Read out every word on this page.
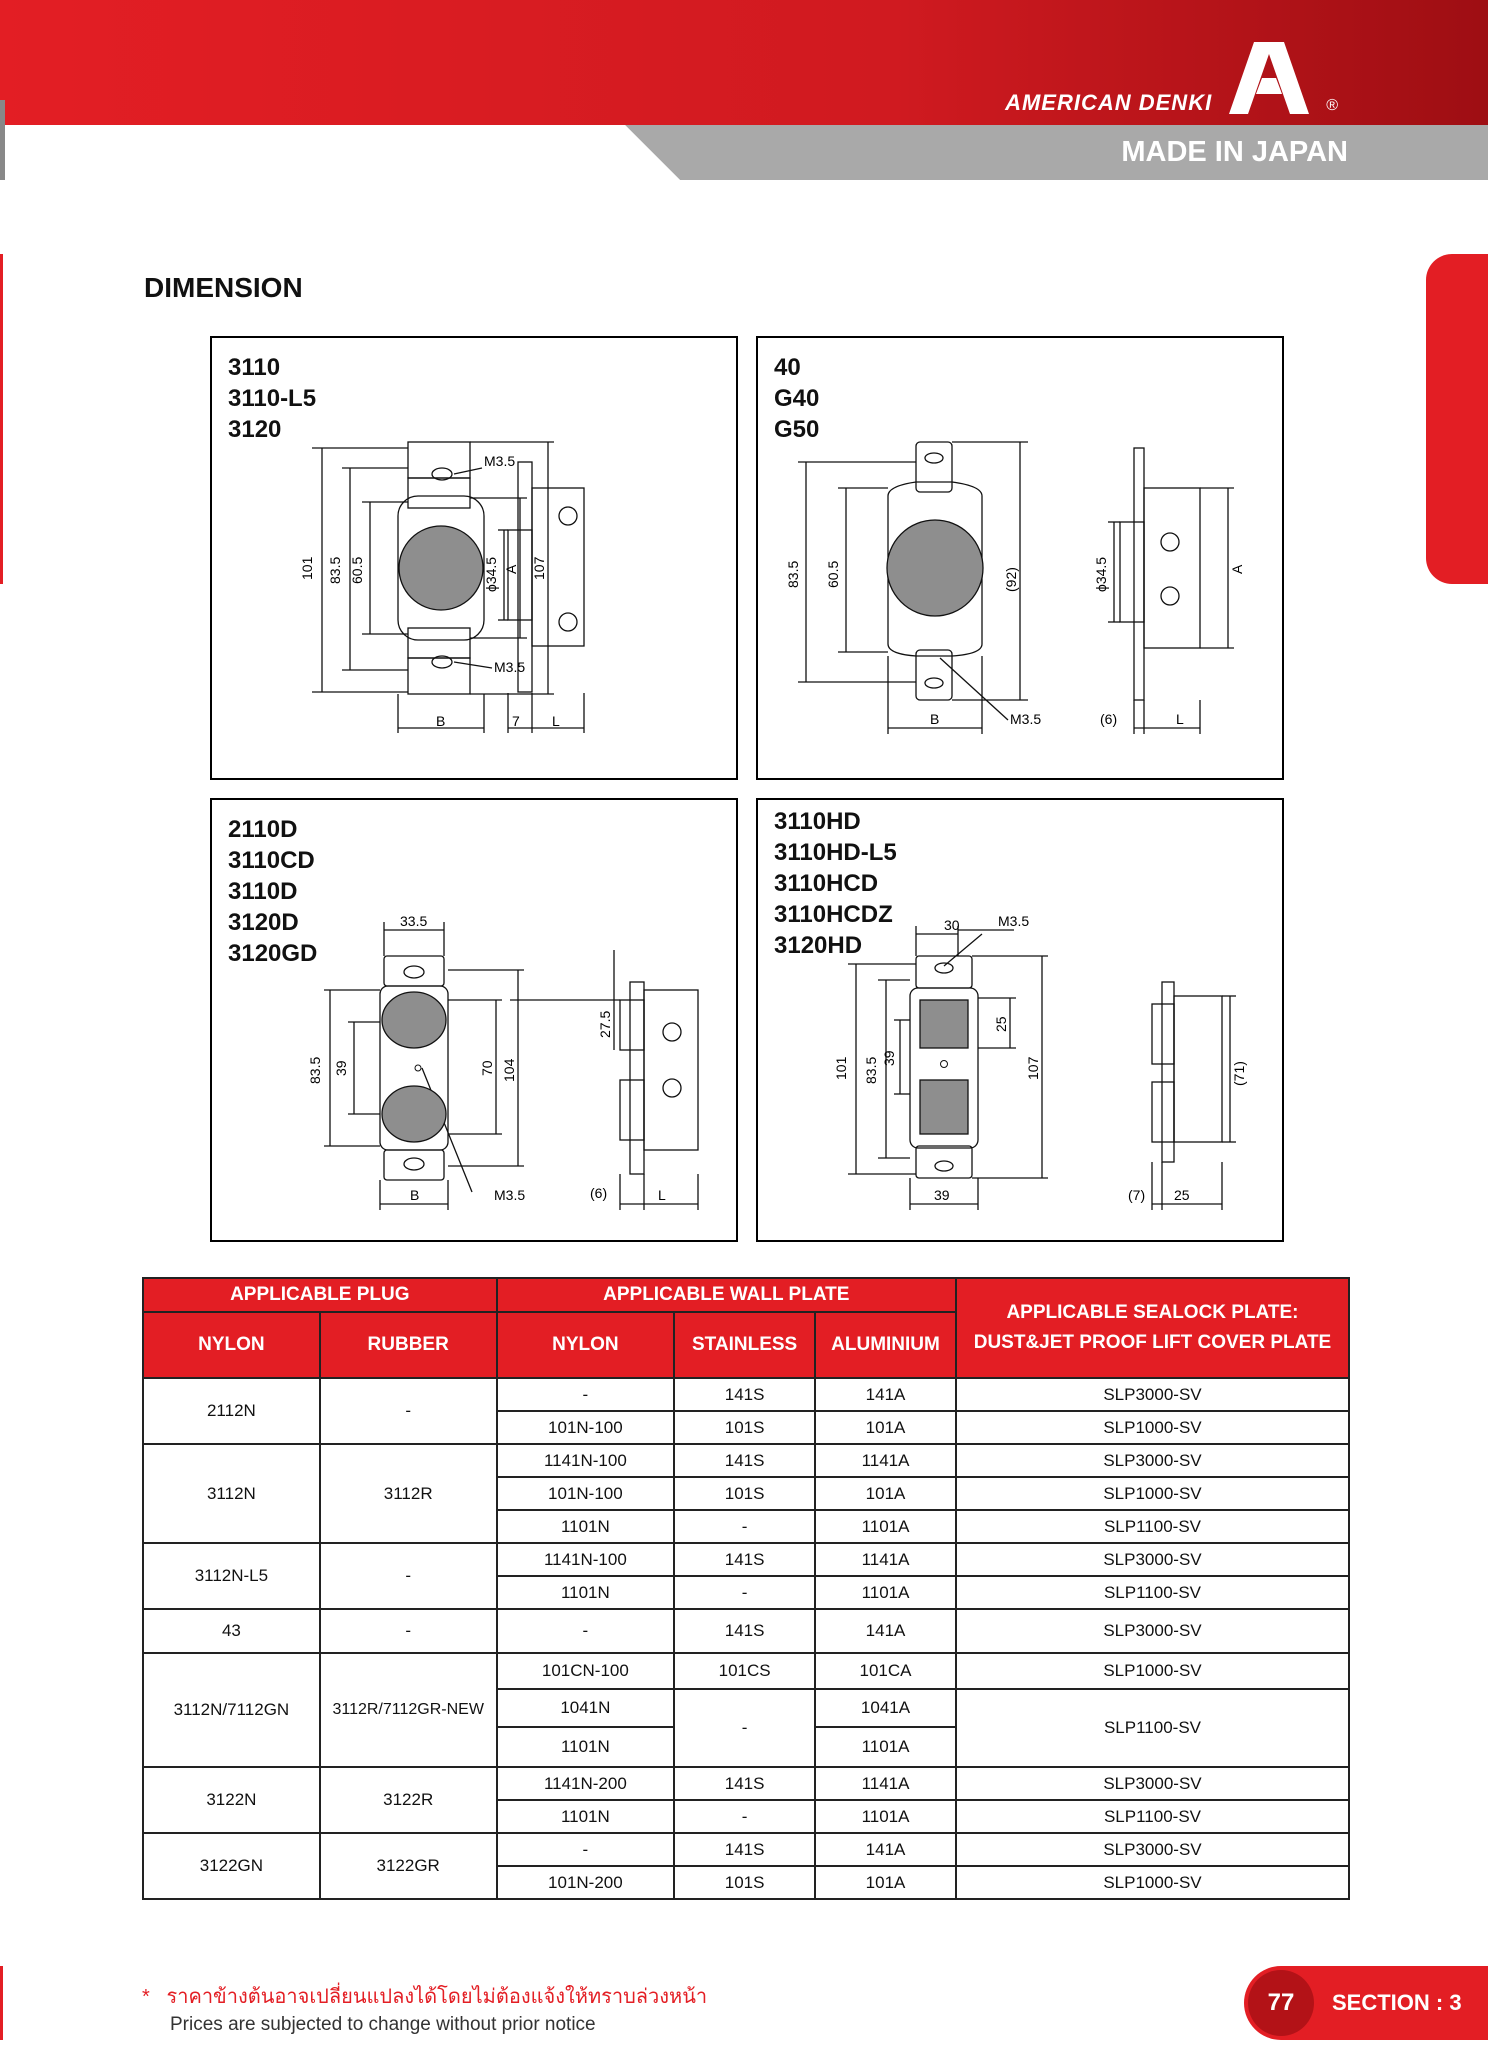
AMERICAN DENKI	®
MADE IN JAPAN
DIMENSION
3110
3110-L5
3120
M3.5
M3.5
101 83.5 60.5	A 107
ϕ34.5
B	7 L
40
G40
G50
83.5 60.5	(92)	ϕ34.5	A
B	M3.5	(6)	L
2110D
3110CD
3110D
3120D
3120GD
33.5
83.5 39	70 104
27.5
B	M3.5	(6)	L
3110HD
3110HD-L5
3110HCD
3110HCDZ
3120HD
30	M3.5
25
101 83.5 39	107	(71)
39	(7) 25
APPLICABLE PLUG		APPLICABLE WALL PLATE			APPLICABLE SEALOCK PLATE:
DUST&JET PROOF LIFT COVER PLATE

NYLON	RUBBER	NYLON	STAINLESS	ALUMINIUM	
2112N	-	-	141S	141A	SLP3000-SV
		101N-100	101S	101A	SLP1000-SV
3112N	3112R	1141N-100	141S	1141A	SLP3000-SV
		101N-100	101S	101A	SLP1000-SV
		1101N	-	1101A	SLP1100-SV
3112N-L5	-	1141N-100	141S	1141A	SLP3000-SV
		1101N	-	1101A	SLP1100-SV
43	-	-	141S	141A	SLP3000-SV
3112N/7112GN	3112R/7112GR-NEW	101CN-100	101CS	101CA	SLP1000-SV
		1041N	-	1041A	SLP1100-SV
		1101N		1101A	
3122N	3122R	1141N-200	141S	1141A	SLP3000-SV
		1101N	-	1101A	SLP1100-SV
3122GN	3122GR	-	141S	141A	SLP3000-SV
		101N-200	101S	101A	SLP1000-SV
* ราคาข้างต้นอาจเปลี่ยนแปลงได้โดยไม่ต้องแจ้งให้ทราบล่วงหน้า
Prices are subjected to change without prior notice
77	SECTION : 3
